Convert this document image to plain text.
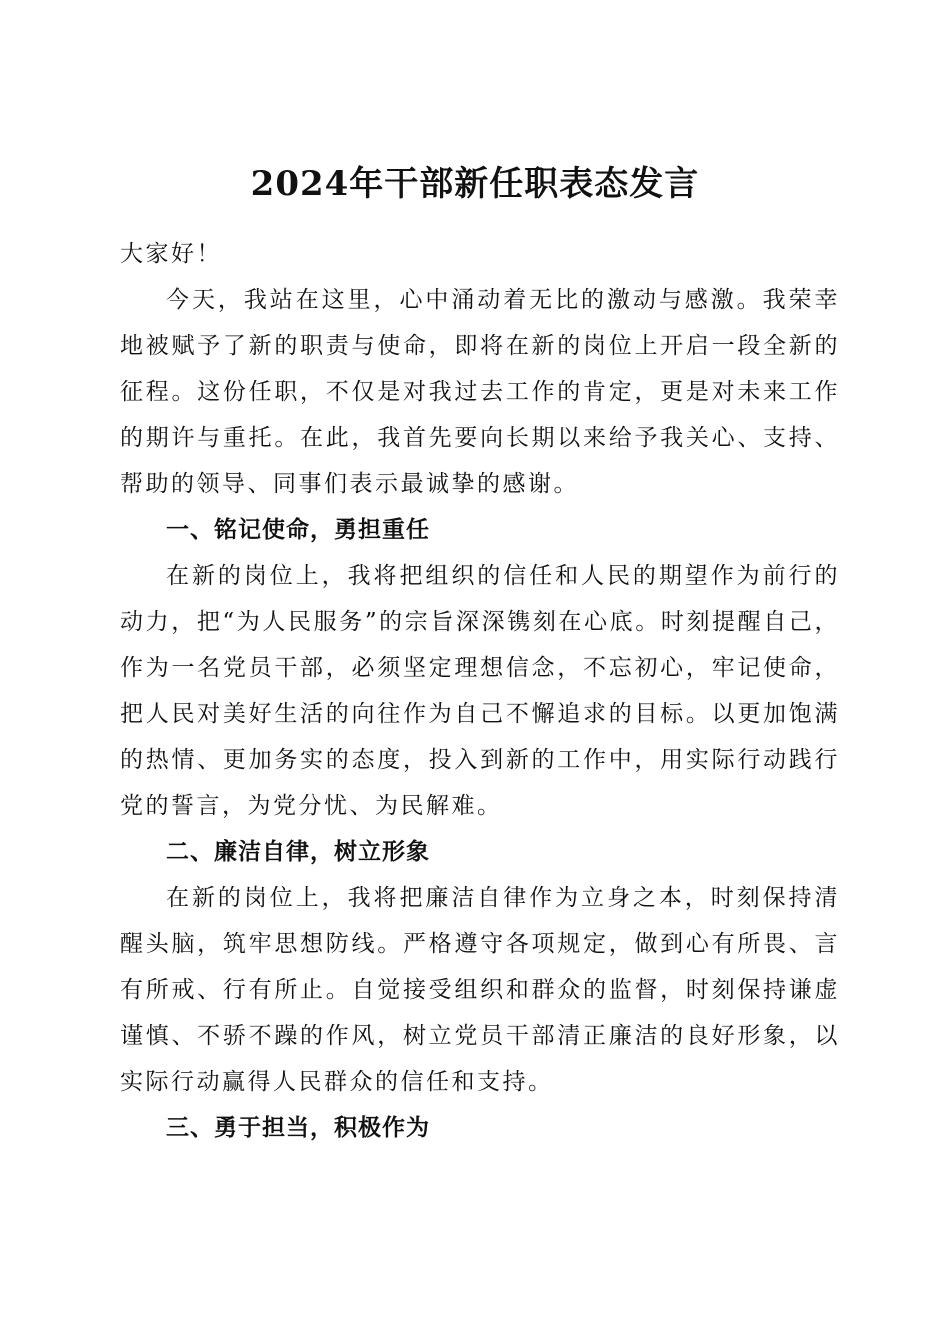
2024年干部新任职表态发言

大家好！

今天，我站在这里，心中涌动着无比的激动与感激。我荣幸地被赋予了新的职责与使命，即将在新的岗位上开启一段全新的征程。这份任职，不仅是对我过去工作的肯定，更是对未来工作的期许与重托。在此，我首先要向长期以来给予我关心、支持、帮助的领导、同事们表示最诚挚的感谢。

一、铭记使命，勇担重任

在新的岗位上，我将把组织的信任和人民的期望作为前行的动力，把“为人民服务”的宗旨深深镌刻在心底。时刻提醒自己，作为一名党员干部，必须坚定理想信念，不忘初心，牢记使命，把人民对美好生活的向往作为自己不懈追求的目标。以更加饱满的热情、更加务实的态度，投入到新的工作中，用实际行动践行党的誓言，为党分忧、为民解难。

二、廉洁自律，树立形象

在新的岗位上，我将把廉洁自律作为立身之本，时刻保持清醒头脑，筑牢思想防线。严格遵守各项规定，做到心有所畏、言有所戒、行有所止。自觉接受组织和群众的监督，时刻保持谦虚谨慎、不骄不躁的作风，树立党员干部清正廉洁的良好形象，以实际行动赢得人民群众的信任和支持。

三、勇于担当，积极作为
